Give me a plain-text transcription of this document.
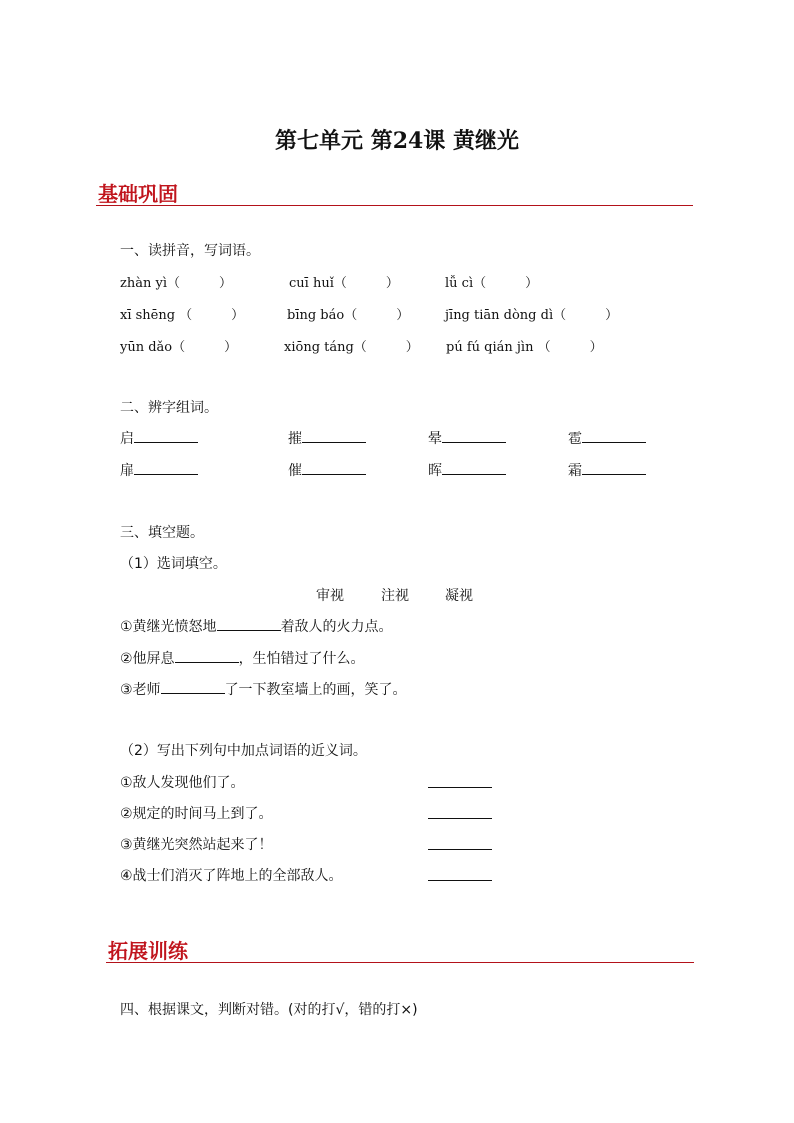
第七单元 第24课 黄继光
基础巩固
一、读拼音，写词语。
zhàn yì（　　　）	cuī huǐ（　　　）	lǚ cì（　　　）
xī shēng （　　　）	bīng báo（　　　）	jīng tiān dòng dì（　　　）
yūn dǎo（　　　）	xiōng táng（　　　） pú fú qián jìn （　　　）
二、辨字组词。
启	摧	晕	雹
扉	催	晖	霜
三、填空题。
（1）选词填空。
审视	注视	凝视
①黄继光愤怒地	着敌人的火力点。
②他屏息	，生怕错过了什么。
③老师	了一下教室墙上的画，笑了。
（2）写出下列句中加点词语的近义词。
①敌人发现他们了。
②规定的时间马上到了。
③黄继光突然站起来了！
④战士们消灭了阵地上的全部敌人。
拓展训练
四、根据课文，判断对错。(对的打√，错的打×)
